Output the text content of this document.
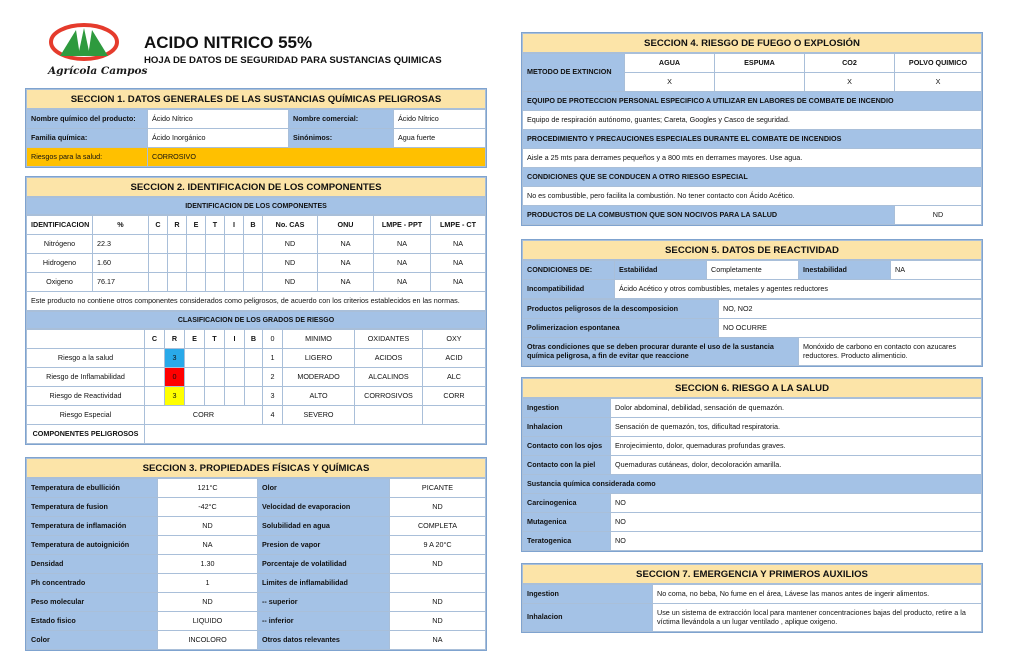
Agrícola Campos
ACIDO NITRICO 55%
HOJA DE DATOS DE SEGURIDAD PARA SUSTANCIAS QUIMICAS
SECCION 1. DATOS GENERALES DE LAS SUSTANCIAS QUÍMICAS PELIGROSAS
Nombre químico del producto:	Ácido Nítrico	Nombre comercial:	Ácido Nítrico
Familia química:	Ácido Inorgánico	Sinónimos:	Agua fuerte
Riesgos para la salud:	CORROSIVO		
SECCION 2. IDENTIFICACION DE LOS COMPONENTES
IDENTIFICACION DE LOS COMPONENTES
IDENTIFICACION	%	C	R	E	T	I	B	No. CAS	ONU	LMPE - PPT	LMPE - CT
Nitrógeno	22.3							ND	NA	NA	NA
Hidrogeno	1.60							ND	NA	NA	NA
Oxigeno	76.17							ND	NA	NA	NA
Este producto no contiene otros componentes considerados como peligrosos, de acuerdo con los criterios establecidos en las normas.											
CLASIFICACION DE LOS GRADOS DE RIESGO
	C	R	E	T	I	B	0	MINIMO	OXIDANTES	OXY
Riesgo a la salud		3					1	LIGERO	ACIDOS	ACID
Riesgo de Inflamabilidad		0					2	MODERADO	ALCALINOS	ALC
Riesgo de Reactividad		3					3	ALTO	CORROSIVOS	CORR
Riesgo Especial	CORR						4	SEVERO		
COMPONENTES PELIGROSOS										
SECCION 3. PROPIEDADES FÍSICAS Y QUÍMICAS
Temperatura de ebullición	121°C	Olor	PICANTE
Temperatura de fusion	-42°C	Velocidad de evaporacion	ND
Temperatura de inflamación	ND	Solubilidad en agua	COMPLETA
Temperatura de autoignición	NA	Presion de vapor	9 A 20°C
Densidad	1.30	Porcentaje de volatilidad	ND
Ph concentrado	1	Limites de inflamabilidad	
Peso molecular	ND	-- superior	ND
Estado fisico	LIQUIDO	-- inferior	ND
Color	INCOLORO	Otros datos relevantes	NA
SECCION 4. RIESGO DE FUEGO O EXPLOSIÓN
METODO DE EXTINCION	AGUA	ESPUMA	CO2	POLVO QUIMICO
	X		X	X
EQUIPO DE PROTECCION PERSONAL ESPECIFICO A UTILIZAR EN LABORES DE COMBATE DE INCENDIO				
Equipo de respiración autónomo, guantes; Careta, Googles y Casco de seguridad.				
PROCEDIMIENTO Y PRECAUCIONES ESPECIALES DURANTE EL COMBATE DE INCENDIOS				
Aisle a 25 mts para derrames pequeños y a 800 mts en derrames mayores. Use agua.				
CONDICIONES QUE SE CONDUCEN A OTRO RIESGO ESPECIAL				
No es combustible, pero facilita la combustión. No tener contacto con Ácido Acético.				
PRODUCTOS DE LA COMBUSTION QUE SON NOCIVOS PARA LA SALUD				ND
SECCION 5. DATOS DE REACTIVIDAD
CONDICIONES DE:	Estabilidad	Completamente	Inestabilidad	NA
Incompatibilidad	Ácido Acético y otros combustibles, metales y agentes reductores			
Productos peligrosos de la descomposicion	NO, NO2	
Polimerizacion espontanea	NO OCURRE	
Otras condiciones que se deben procurar durante el uso de la sustancia química peligrosa, a fin de evitar que reaccione		Monóxido de carbono en contacto con azucares reductores. Producto alimenticio.
SECCION 6. RIESGO A LA SALUD
Ingestion	Dolor abdominal, debilidad, sensación de quemazón.
Inhalacion	Sensación de quemazón, tos, dificultad respiratoria.
Contacto con los ojos	Enrojecimiento, dolor, quemaduras profundas graves.
Contacto con la piel	Quemaduras cutáneas, dolor, decoloración amarilla.
Sustancia química considerada como	
Carcinogenica	NO
Mutagenica	NO
Teratogenica	NO
SECCION 7. EMERGENCIA Y PRIMEROS AUXILIOS
Ingestion	No coma, no beba, No fume en el área, Lávese las manos antes de ingerir alimentos.
Inhalacion	Use un sistema de extracción local para mantener concentraciones bajas del producto, retire a la víctima llevándola a un lugar ventilado , aplique oxigeno.
